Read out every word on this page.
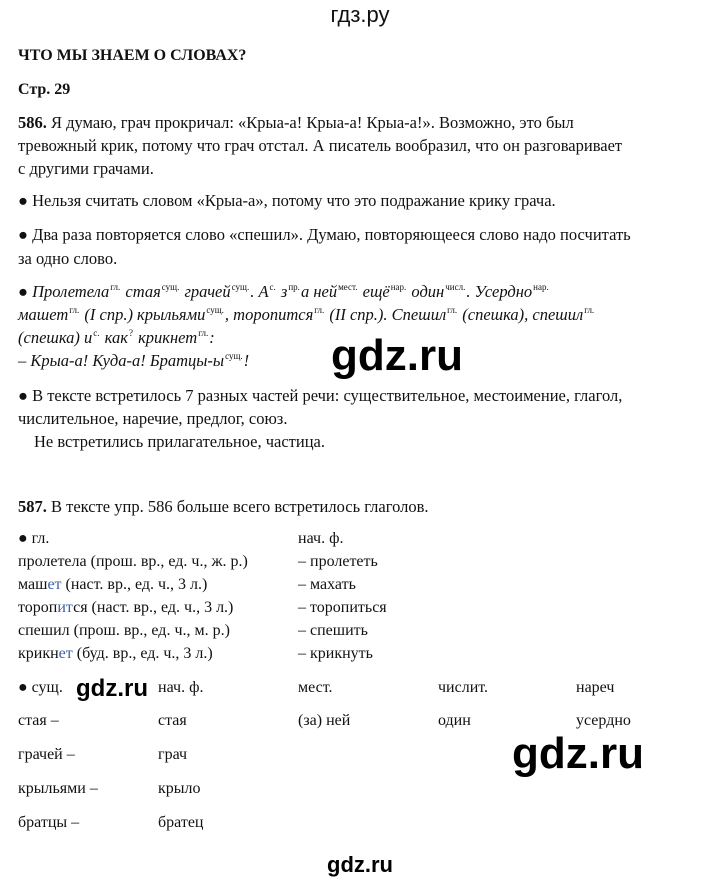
гдз.ру
ЧТО МЫ ЗНАЕМ О СЛОВАХ?
Стр. 29
586. Я думаю, грач прокричал: «Крыа-а! Крыа-а! Крыа-а!». Возможно, это был
тревожный крик, потому что грач отстал. А писатель вообразил, что он разговаривает
с другими грачами.
● Нельзя считать словом «Крыа-а», потому что это подражание крику грача.
● Два раза повторяется слово «спешил». Думаю, повторяющееся слово надо посчитать
за одно слово.
● Пролетела$^{гл.}$ стая$^{сущ.}$ грачей$^{сущ.}$. $А^{с.}$ $з^{пр.}а$ ней$^{мест.}$ ещё$^{нар.}$ один$^{числ.}$. Усердно$^{нар.}$
машет$^{гл.}$ (I спр.) крыльями$^{сущ.}$, торопится$^{гл.}$ (II спр.). Спешил$^{гл.}$ (спешка), спешил$^{гл.}$
(спешка) $и^{с.}$ как? крикнет$^{гл.}$:
– Крыа-а! Куда-а! Братцы-$ы^{сущ.}$!
● В тексте встретилось 7 разных частей речи: существительное, местоимение, глагол,
числительное, наречие, предлог, союз.
Не встретились прилагательное, частица.
587. В тексте упр. 586 больше всего встретилось глаголов.
● гл.	нач. ф.
пролетела (прош. вр., ед. ч., ж. р.)	– пролететь
машет (наст. вр., ед. ч., 3 л.)	– махать
торопится (наст. вр., ед. ч., 3 л.)	– торопиться
спешил (прош. вр., ед. ч., м. р.)	– спешить
крикнет (буд. вр., ед. ч., 3 л.)	– крикнуть
● сущ.	нач. ф.	мест.	числит.	нареч
стая –	стая	(за) ней	один	усердно
грачей –	грач
крыльями –	крыло
братцы –	братец
gdz.ru
gdz.ru
gdz.ru
gdz.ru
